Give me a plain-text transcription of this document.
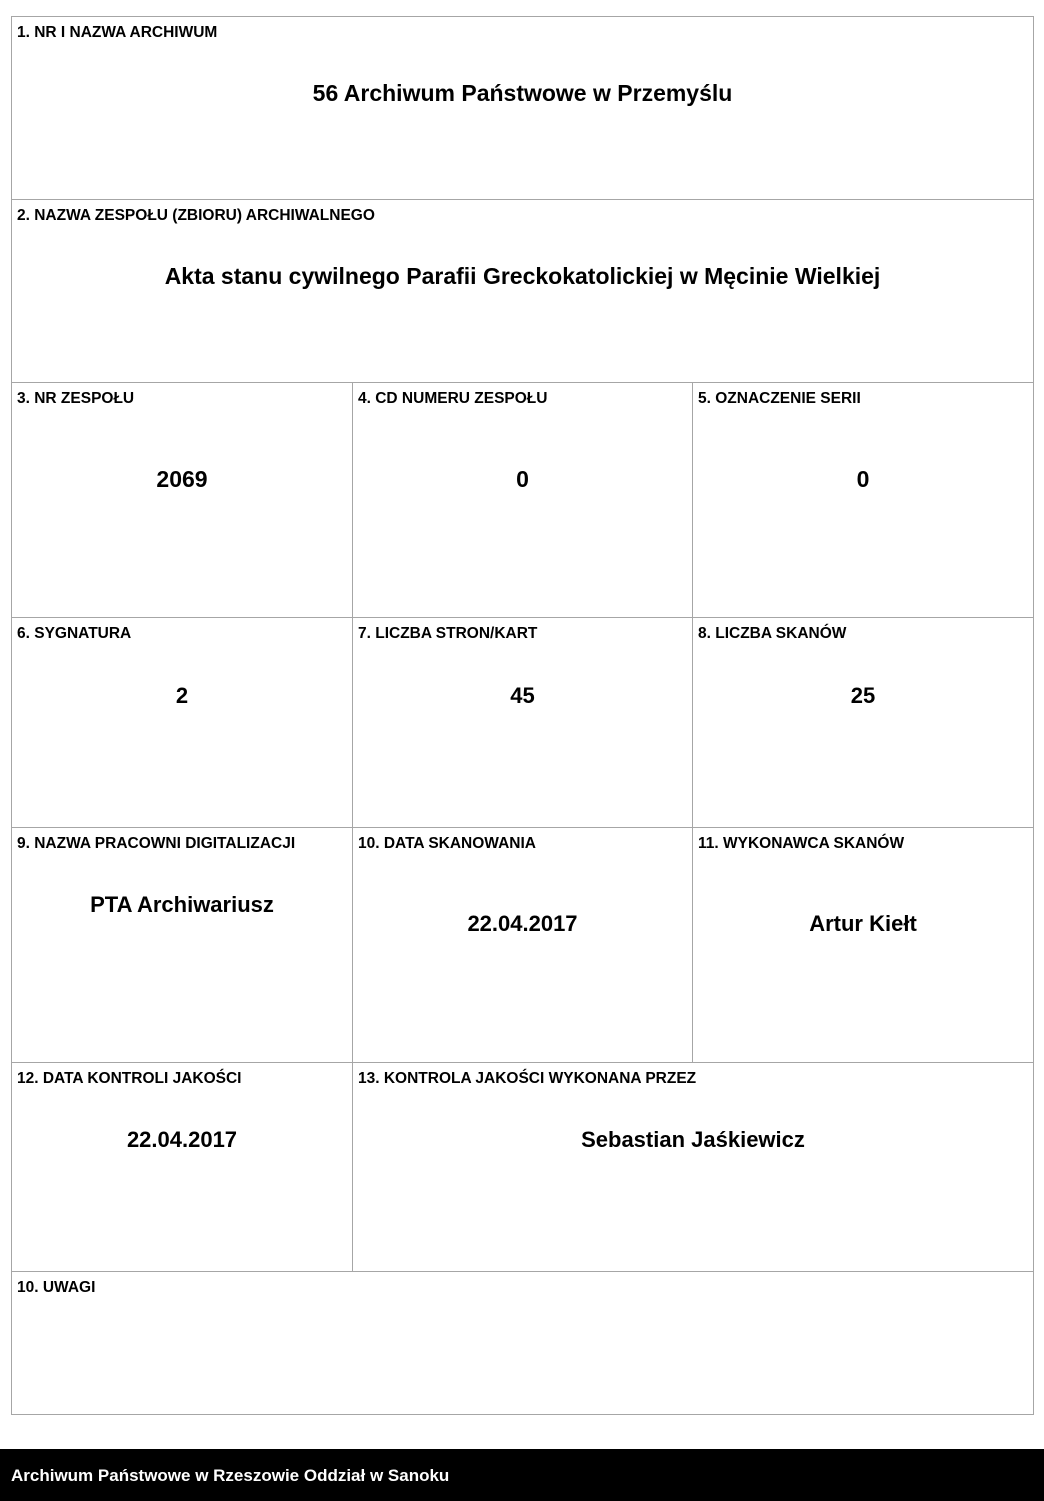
1. NR I NAZWA ARCHIWUM
56 Archiwum Państwowe w Przemyślu
2. NAZWA ZESPOŁU (ZBIORU) ARCHIWALNEGO
Akta stanu cywilnego Parafii Greckokatolickiej w Męcinie Wielkiej
3. NR ZESPOŁU
2069
4. CD NUMERU ZESPOŁU
0
5. OZNACZENIE SERII
0
6. SYGNATURA
2
7. LICZBA STRON/KART
45
8. LICZBA SKANÓW
25
9. NAZWA PRACOWNI DIGITALIZACJI
PTA Archiwariusz
10. DATA SKANOWANIA
22.04.2017
11. WYKONAWCA SKANÓW
Artur Kiełt
12. DATA KONTROLI JAKOŚCI
22.04.2017
13. KONTROLA JAKOŚCI WYKONANA PRZEZ
Sebastian Jaśkiewicz
10. UWAGI
Archiwum Państwowe w Rzeszowie Oddział w Sanoku
